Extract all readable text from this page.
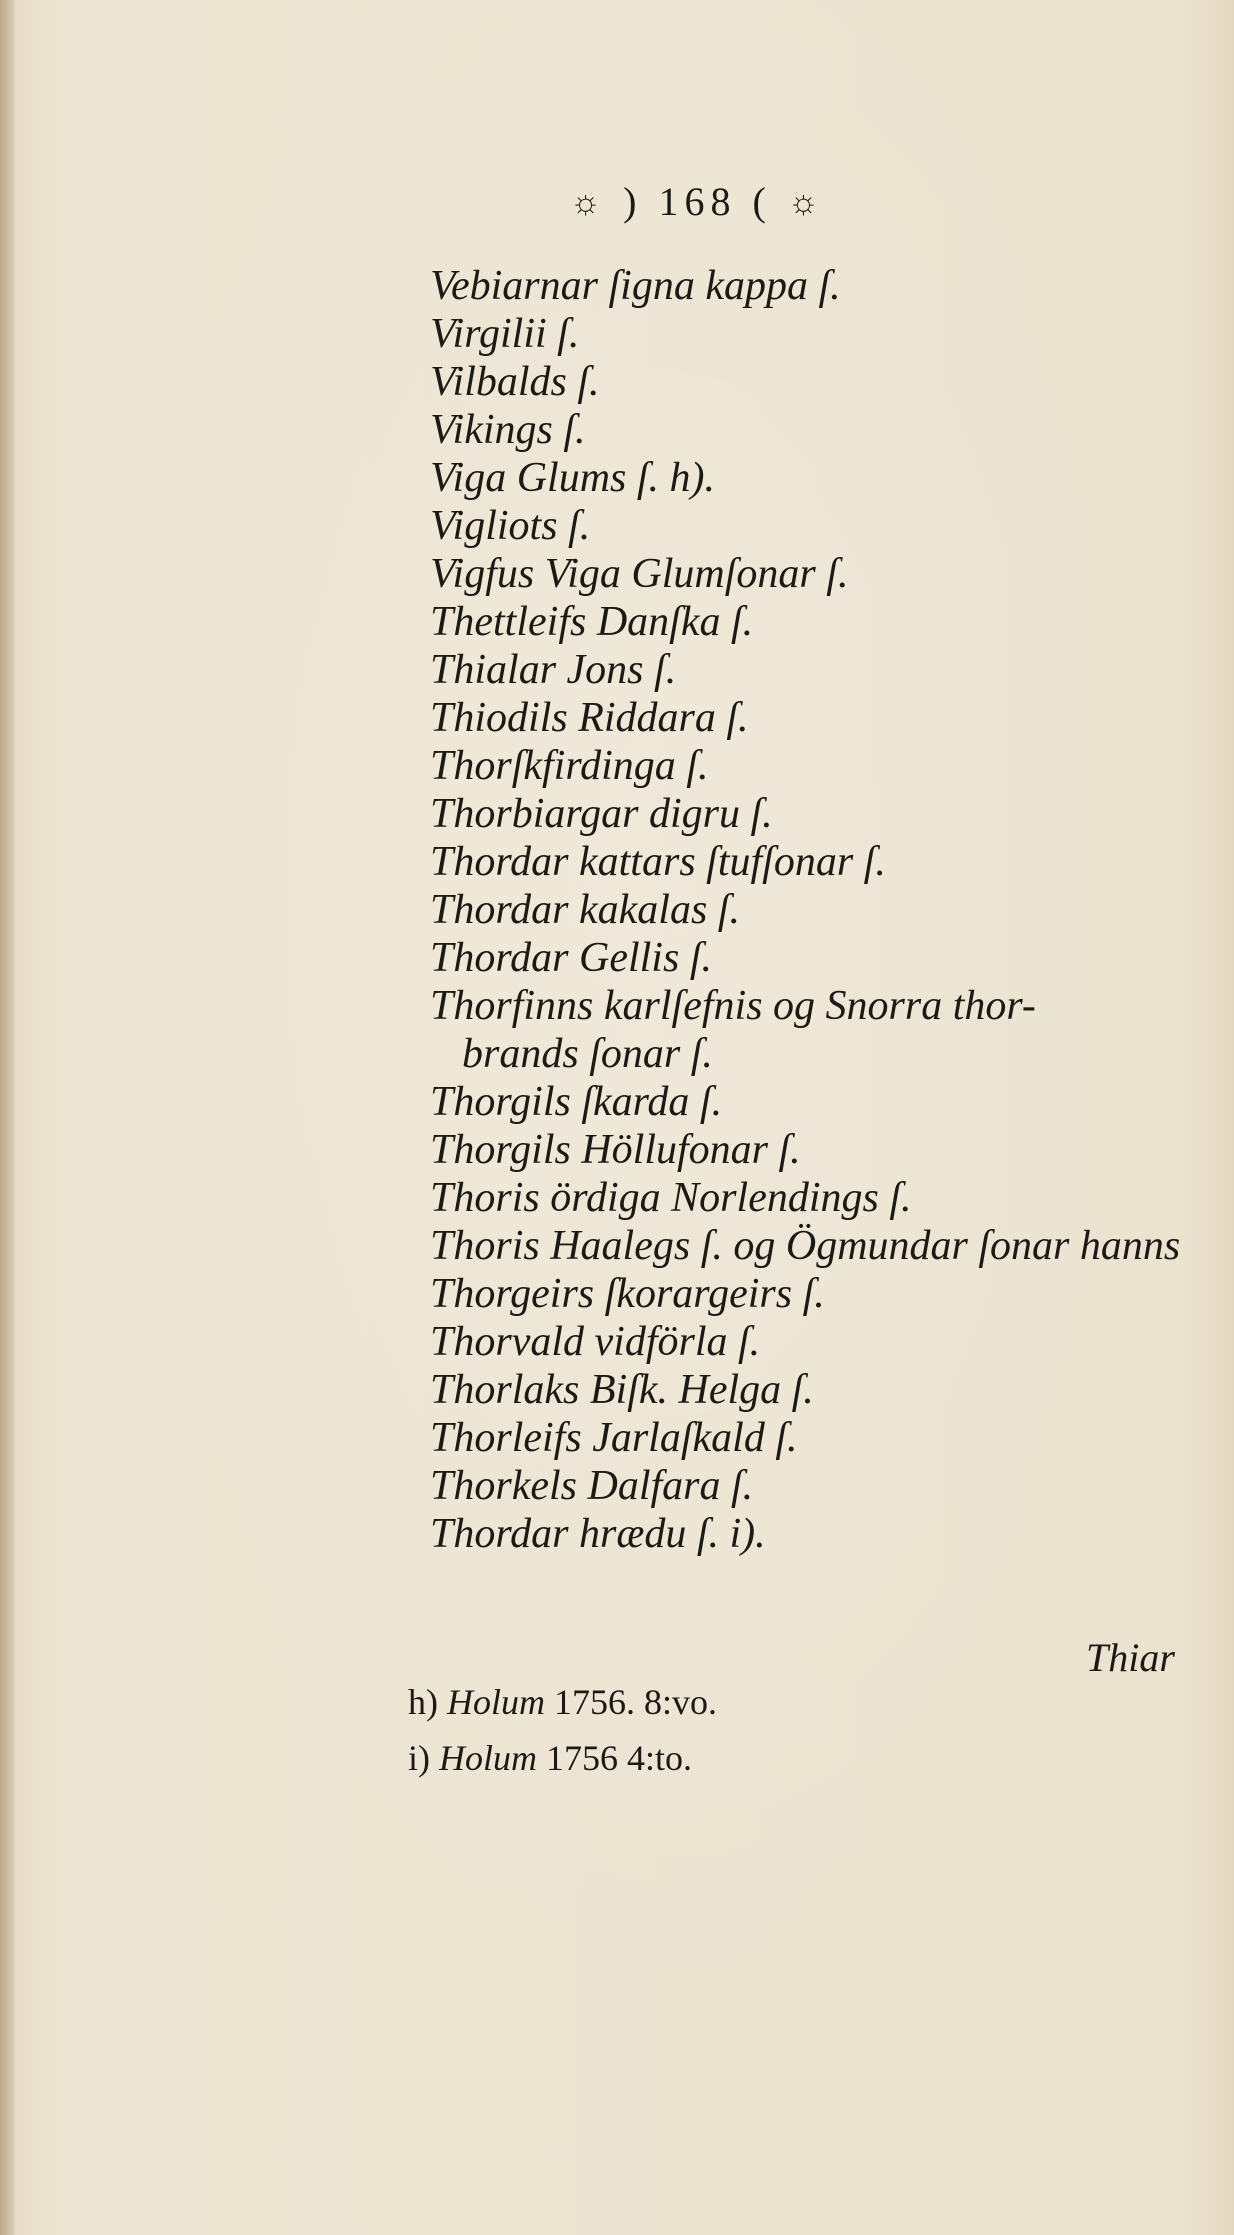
☼ ) 168 ( ☼
Vebiarnar ſigna kappa ſ.
Virgilii ſ.
Vilbalds ſ.
Vikings ſ.
Viga Glums ſ. h).
Vigliots ſ.
Vigfus Viga Glumſonar ſ.
Thettleifs Danſka ſ.
Thialar Jons ſ.
Thiodils Riddara ſ.
Thorſkfirdinga ſ.
Thorbiargar digru ſ.
Thordar kattars ſtufſonar ſ.
Thordar kakalas ſ.
Thordar Gellis ſ.
Thorfinns karlſefnis og Snorra thor-
brands ſonar ſ.
Thorgils ſkarda ſ.
Thorgils Höllufonar ſ.
Thoris ördiga Norlendings ſ.
Thoris Haalegs ſ. og Ögmundar ſonar hanns
Thorgeirs ſkorargeirs ſ.
Thorvald vidförla ſ.
Thorlaks Biſk. Helga ſ.
Thorleifs Jarlaſkald ſ.
Thorkels Dalfara ſ.
Thordar hrædu ſ. i).
Thiar
h) Holum 1756. 8:vo.
i) Holum 1756 4:to.
